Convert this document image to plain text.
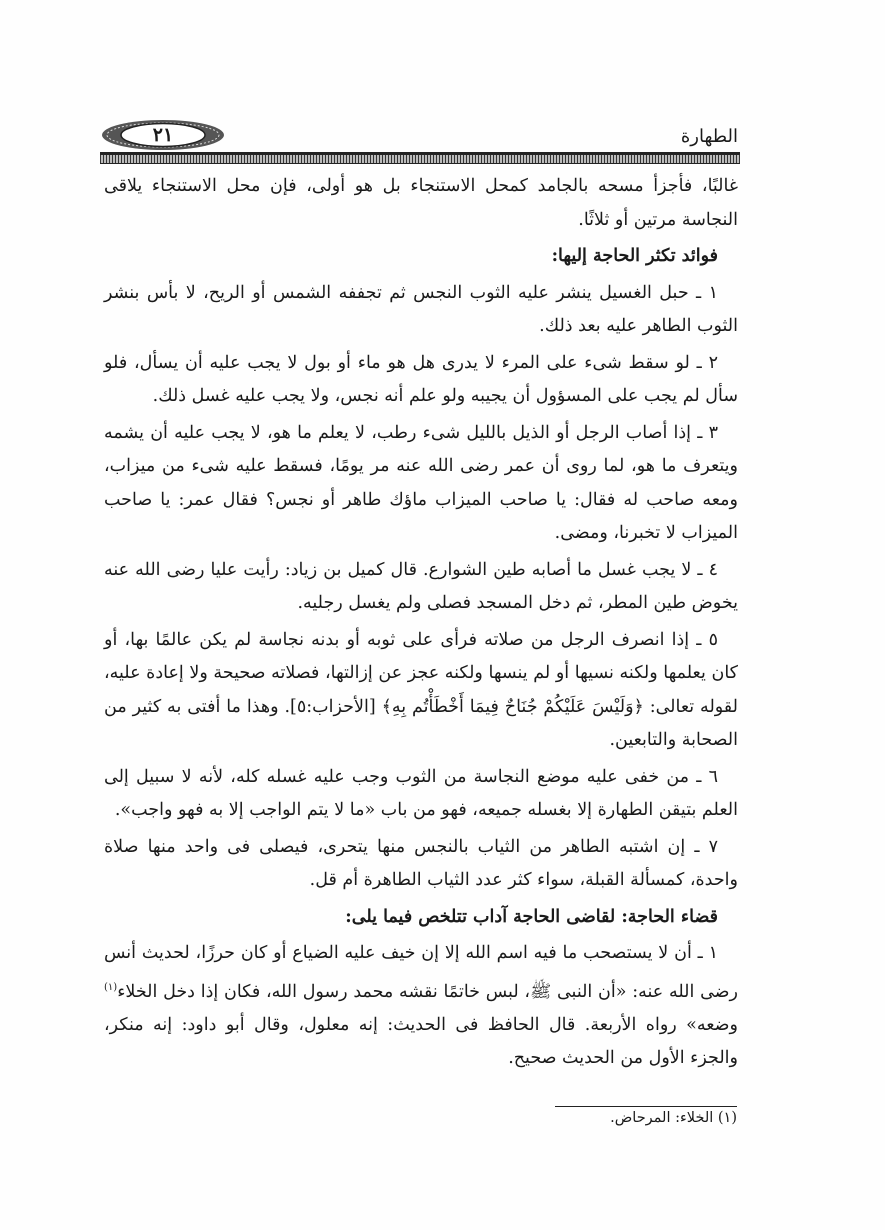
الطهارة
٢١

غالبًا، فأجزأ مسحه بالجامد كمحل الاستنجاء بل هو أولى، فإن محل الاستنجاء يلاقى النجاسة مرتين أو ثلاثًا.

فوائد تكثر الحاجة إليها:

١ ـ حبل الغسيل ينشر عليه الثوب النجس ثم تجففه الشمس أو الريح، لا بأس بنشر الثوب الطاهر عليه بعد ذلك.

٢ ـ لو سقط شىء على المرء لا يدرى هل هو ماء أو بول لا يجب عليه أن يسأل، فلو سأل لم يجب على المسؤول أن يجيبه ولو علم أنه نجس، ولا يجب عليه غسل ذلك.

٣ ـ إذا أصاب الرجل أو الذيل بالليل شىء رطب، لا يعلم ما هو، لا يجب عليه أن يشمه ويتعرف ما هو، لما روى أن عمر رضى الله عنه مر يومًا، فسقط عليه شىء من ميزاب، ومعه صاحب له فقال: يا صاحب الميزاب ماؤك طاهر أو نجس؟ فقال عمر: يا صاحب الميزاب لا تخبرنا، ومضى.

٤ ـ لا يجب غسل ما أصابه طين الشوارع. قال كميل بن زياد: رأيت عليا رضى الله عنه يخوض طين المطر، ثم دخل المسجد فصلى ولم يغسل رجليه.

٥ ـ إذا انصرف الرجل من صلاته فرأى على ثوبه أو بدنه نجاسة لم يكن عالمًا بها، أو كان يعلمها ولكنه نسيها أو لم ينسها ولكنه عجز عن إزالتها، فصلاته صحيحة ولا إعادة عليه، لقوله تعالى: ﴿وَلَيْسَ عَلَيْكُمْ جُنَاحٌ فِيمَا أَخْطَأْتُم بِهِ﴾ [الأحزاب:٥]. وهذا ما أفتى به كثير من الصحابة والتابعين.

٦ ـ من خفى عليه موضع النجاسة من الثوب وجب عليه غسله كله، لأنه لا سبيل إلى العلم بتيقن الطهارة إلا بغسله جميعه، فهو من باب «ما لا يتم الواجب إلا به فهو واجب».

٧ ـ إن اشتبه الطاهر من الثياب بالنجس منها يتحرى، فيصلى فى واحد منها صلاة واحدة، كمسألة القبلة، سواء كثر عدد الثياب الطاهرة أم قل.

قضاء الحاجة: لقاضى الحاجة آداب تتلخص فيما يلى:

١ ـ أن لا يستصحب ما فيه اسم الله إلا إن خيف عليه الضياع أو كان حرزًا، لحديث أنس رضى الله عنه: «أن النبى ﷺ، لبس خاتمًا نقشه محمد رسول الله، فكان إذا دخل الخلاء$^{(١)}$ وضعه» رواه الأربعة. قال الحافظ فى الحديث: إنه معلول، وقال أبو داود: إنه منكر، والجزء الأول من الحديث صحيح.

(١) الخلاء: المرحاض.
